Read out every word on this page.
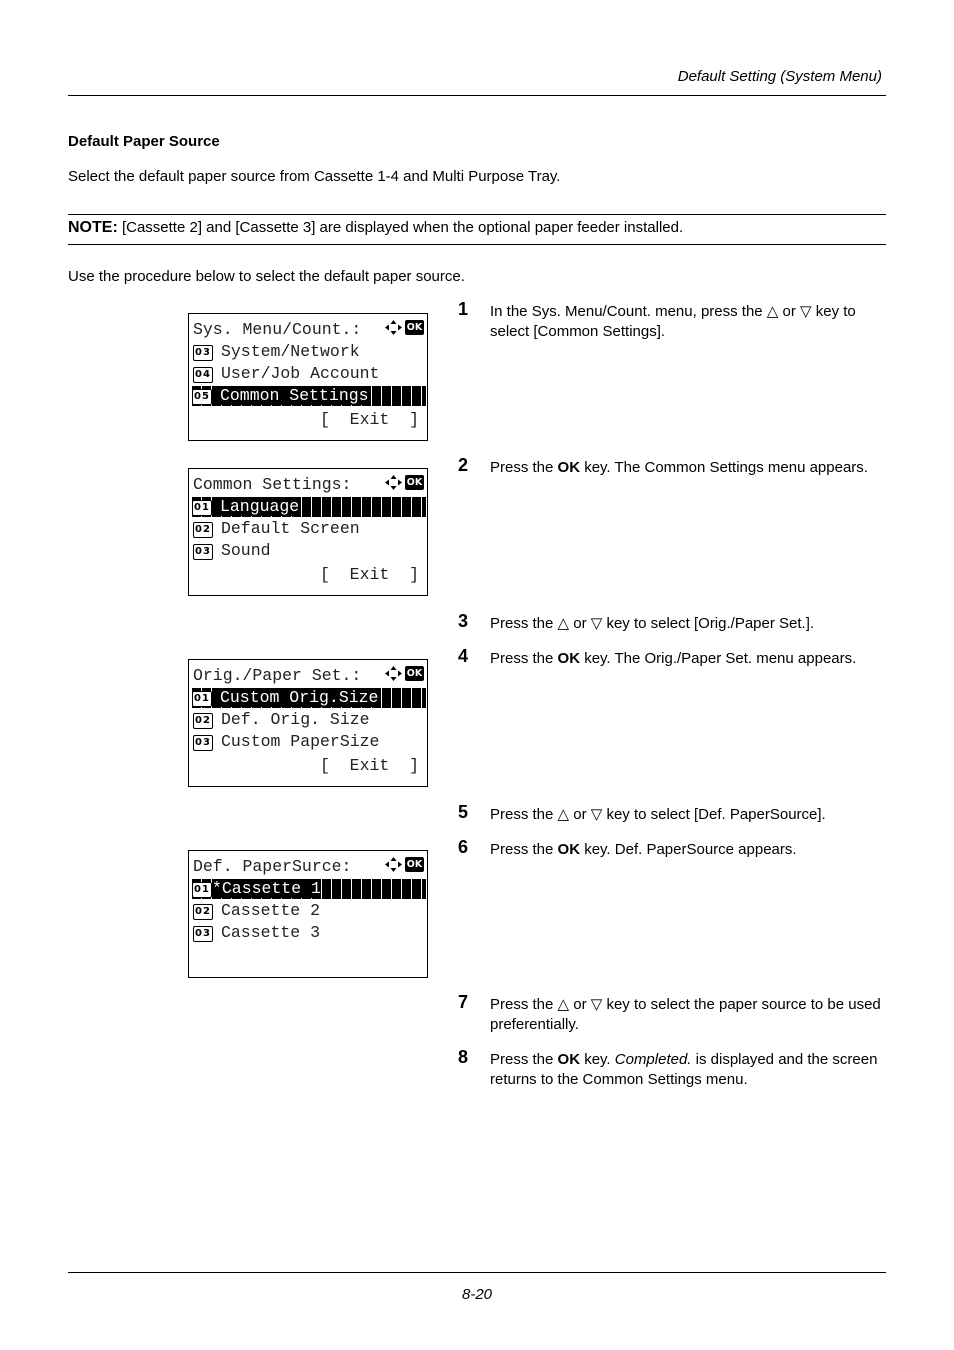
Default Setting (System Menu)
Default Paper Source
Select the default paper source from Cassette 1-4 and Multi Purpose Tray.
NOTE: [Cassette 2] and [Cassette 3] are displayed when the optional paper feeder installed.
Use the procedure below to select the default paper source.
Sys. Menu/Count.:	OK
03 System/Network
04 User/Job Account
05 Common Settings
[  Exit  ]
Common Settings:	OK
01 Language
02 Default Screen
03 Sound
[  Exit  ]
Orig./Paper Set.:	OK
01 Custom Orig.Size
02 Def. Orig. Size
03 Custom PaperSize
[  Exit  ]
Def. PaperSurce:	OK
01 *Cassette 1
02 Cassette 2
03 Cassette 3
1 In the Sys. Menu/Count. menu, press the △ or ▽ key to select [Common Settings].
2 Press the OK key. The Common Settings menu appears.
3 Press the △ or ▽ key to select [Orig./Paper Set.].
4 Press the OK key. The Orig./Paper Set. menu appears.
5 Press the △ or ▽ key to select [Def. PaperSource].
6 Press the OK key. Def. PaperSource appears.
7 Press the △ or ▽ key to select the paper source to be used preferentially.
8 Press the OK key. Completed. is displayed and the screen returns to the Common Settings menu.
8-20
